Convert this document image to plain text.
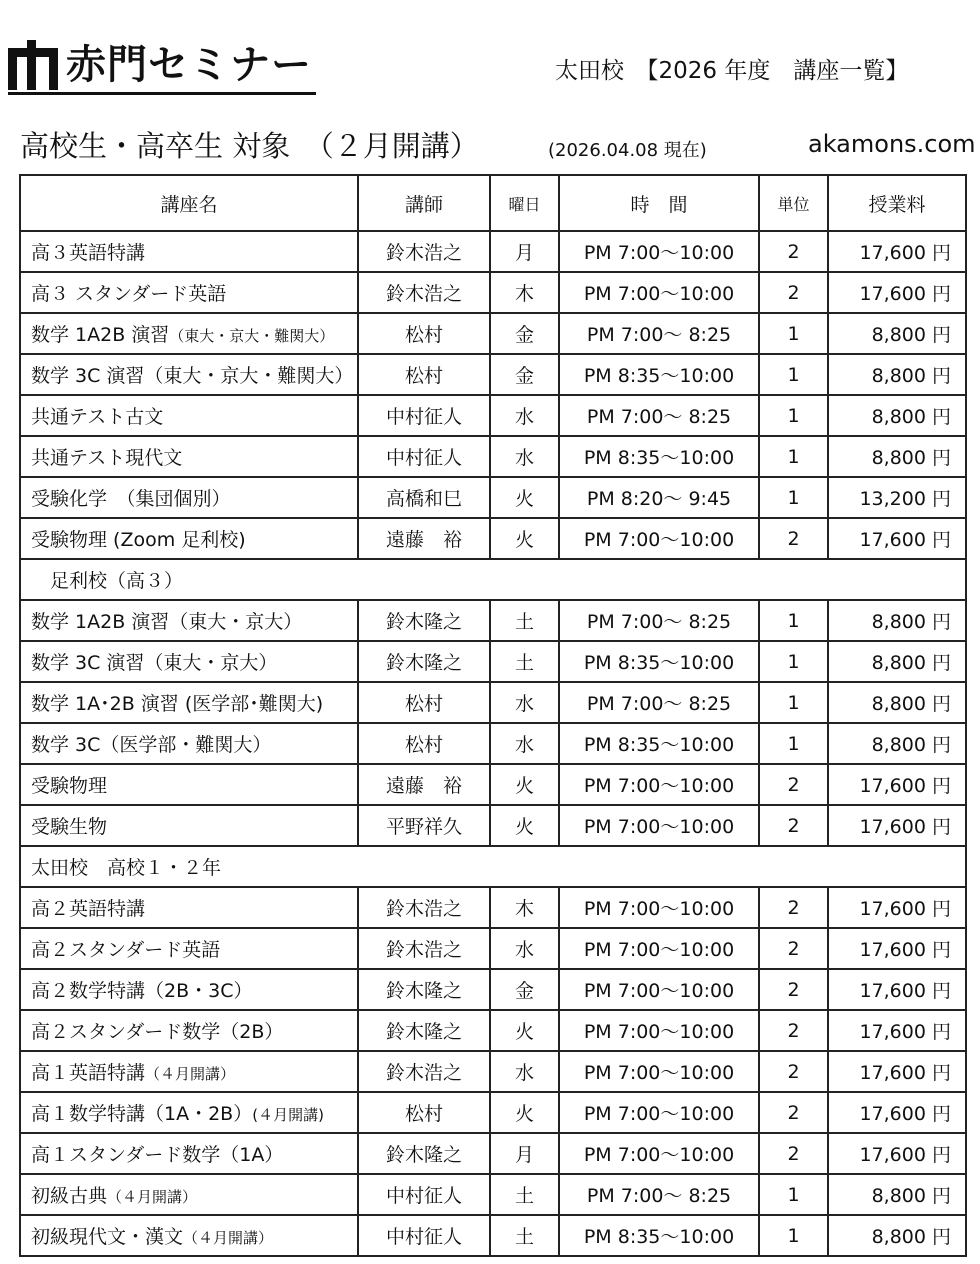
赤門セミナー	太田校　【2026 年度　講座一覧】
高校生・高卒生 対象　（２月開講）	(2026.04.08 現在)	akamons.com
講座名	講師	曜日	時　間	単位	授業料
高３英語特講	鈴木浩之	月	PM 7:00〜10:00	2	17,600 円
高３ スタンダード英語	鈴木浩之	木	PM 7:00〜10:00	2	17,600 円
数学 1A2B 演習（東大・京大・難関大）	松村	金	PM 7:00〜 8:25	1	8,800 円
数学 3C 演習（東大・京大・難関大）	松村	金	PM 8:35〜10:00	1	8,800 円
共通テスト古文	中村征人	水	PM 7:00〜 8:25	1	8,800 円
共通テスト現代文	中村征人	水	PM 8:35〜10:00	1	8,800 円
受験化学　（集団個別）	高橋和巳	火	PM 8:20〜 9:45	1	13,200 円
受験物理 (Zoom 足利校)	遠藤　裕	火	PM 7:00〜10:00	2	17,600 円
　足利校（高３）					
数学 1A2B 演習（東大・京大）	鈴木隆之	土	PM 7:00〜 8:25	1	8,800 円
数学 3C 演習（東大・京大）	鈴木隆之	土	PM 8:35〜10:00	1	8,800 円
数学 1A･2B 演習 (医学部･難関大)	松村	水	PM 7:00〜 8:25	1	8,800 円
数学 3C（医学部・難関大）	松村	水	PM 8:35〜10:00	1	8,800 円
受験物理	遠藤　裕	火	PM 7:00〜10:00	2	17,600 円
受験生物	平野祥久	火	PM 7:00〜10:00	2	17,600 円
太田校　高校１・２年					
高２英語特講	鈴木浩之	木	PM 7:00〜10:00	2	17,600 円
高２スタンダード英語	鈴木浩之	水	PM 7:00〜10:00	2	17,600 円
高２数学特講（2B・3C）	鈴木隆之	金	PM 7:00〜10:00	2	17,600 円
高２スタンダード数学（2B）	鈴木隆之	火	PM 7:00〜10:00	2	17,600 円
高１英語特講（４月開講）	鈴木浩之	水	PM 7:00〜10:00	2	17,600 円
高１数学特講（1A・2B）(４月開講)	松村	火	PM 7:00〜10:00	2	17,600 円
高１スタンダード数学（1A）	鈴木隆之	月	PM 7:00〜10:00	2	17,600 円
初級古典（４月開講）	中村征人	土	PM 7:00〜 8:25	1	8,800 円
初級現代文・漢文（４月開講）	中村征人	土	PM 8:35〜10:00	1	8,800 円
